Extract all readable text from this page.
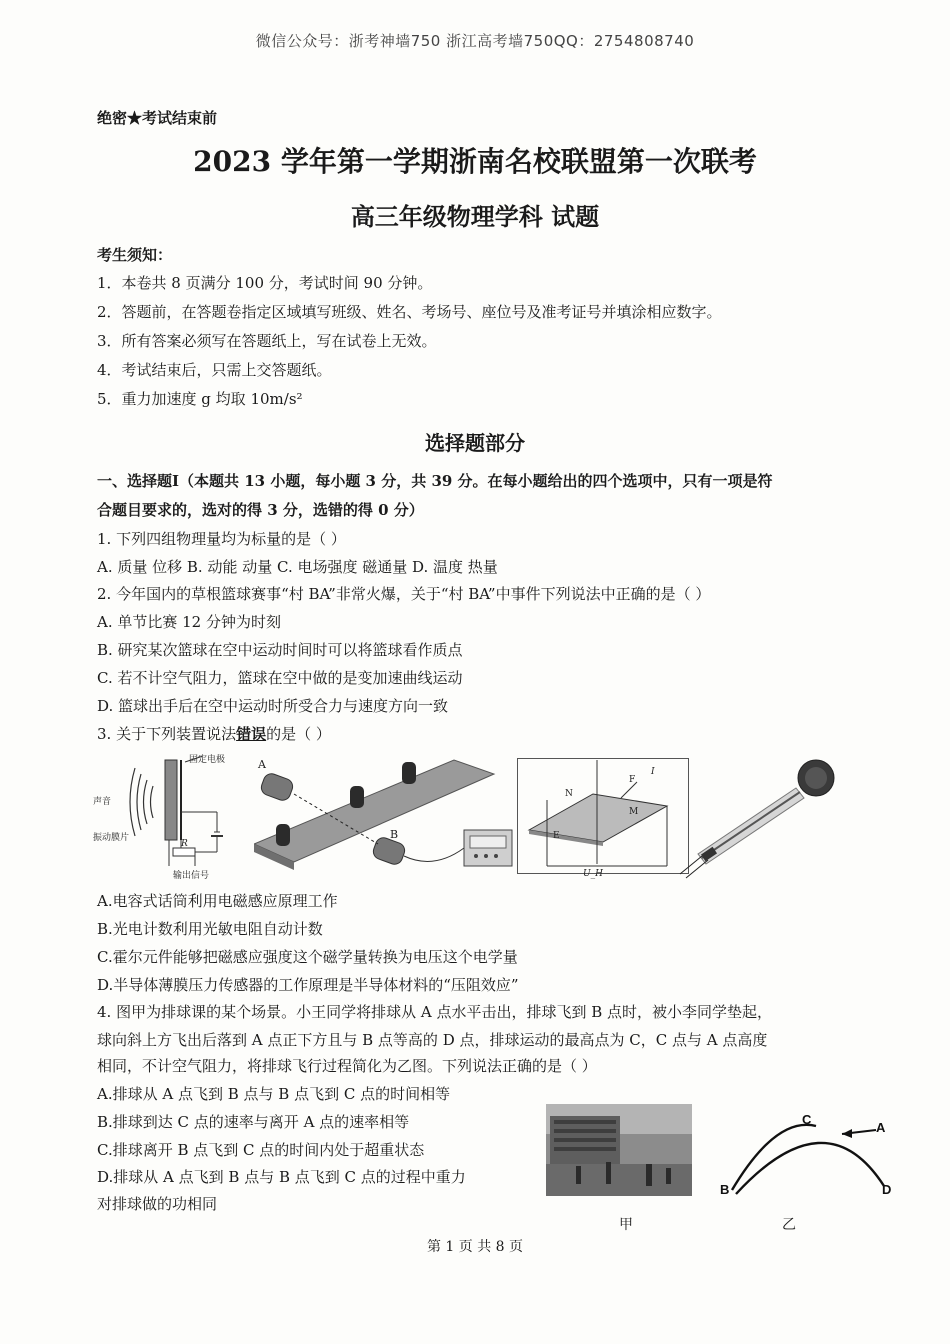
微信公众号：浙考神墙750 浙江高考墙750QQ：2754808740
绝密★考试结束前
2023 学年第一学期浙南名校联盟第一次联考
高三年级物理学科 试题
考生须知：
1．本卷共 8 页满分 100 分，考试时间 90 分钟。
2．答题前，在答题卷指定区域填写班级、姓名、考场号、座位号及准考证号并填涂相应数字。
3．所有答案必须写在答题纸上，写在试卷上无效。
4．考试结束后，只需上交答题纸。
5．重力加速度 g 均取 10m/s²
选择题部分
一、选择题Ⅰ（本题共 13 小题，每小题 3 分，共 39 分。在每小题给出的四个选项中，只有一项是符
合题目要求的，选对的得 3 分，选错的得 0 分）
1. 下列四组物理量均为标量的是（ ）
A. 质量 位移 B. 动能 动量 C. 电场强度 磁通量 D. 温度 热量
2. 今年国内的草根篮球赛事“村 BA”非常火爆，关于“村 BA”中事件下列说法中正确的是（ ）
A. 单节比赛 12 分钟为时刻
B. 研究某次篮球在空中运动时间时可以将篮球看作质点
C. 若不计空气阻力，篮球在空中做的是变加速曲线运动
D. 篮球出手后在空中运动时所受合力与速度方向一致
3. 关于下列装置说法错误的是（ ）
固定电极
声音
振动膜片
R
输出信号
A
B
N
F
I
M
E
U_H
A.电容式话筒利用电磁感应原理工作
B.光电计数利用光敏电阻自动计数
C.霍尔元件能够把磁感应强度这个磁学量转换为电压这个电学量
D.半导体薄膜压力传感器的工作原理是半导体材料的“压阻效应”
4. 图甲为排球课的某个场景。小王同学将排球从 A 点水平击出，排球飞到 B 点时，被小李同学垫起，
球向斜上方飞出后落到 A 点正下方且与 B 点等高的 D 点，排球运动的最高点为 C，C 点与 A 点高度
相同，不计空气阻力，将排球飞行过程简化为乙图。下列说法正确的是（ ）
A.排球从 A 点飞到 B 点与 B 点飞到 C 点的时间相等
B.排球到达 C 点的速率与离开 A 点的速率相等
C.排球离开 B 点飞到 C 点的时间内处于超重状态
D.排球从 A 点飞到 B 点与 B 点飞到 C 点的过程中重力
对排球做的功相同
甲
C
A
B	D
乙
第 1 页 共 8 页
